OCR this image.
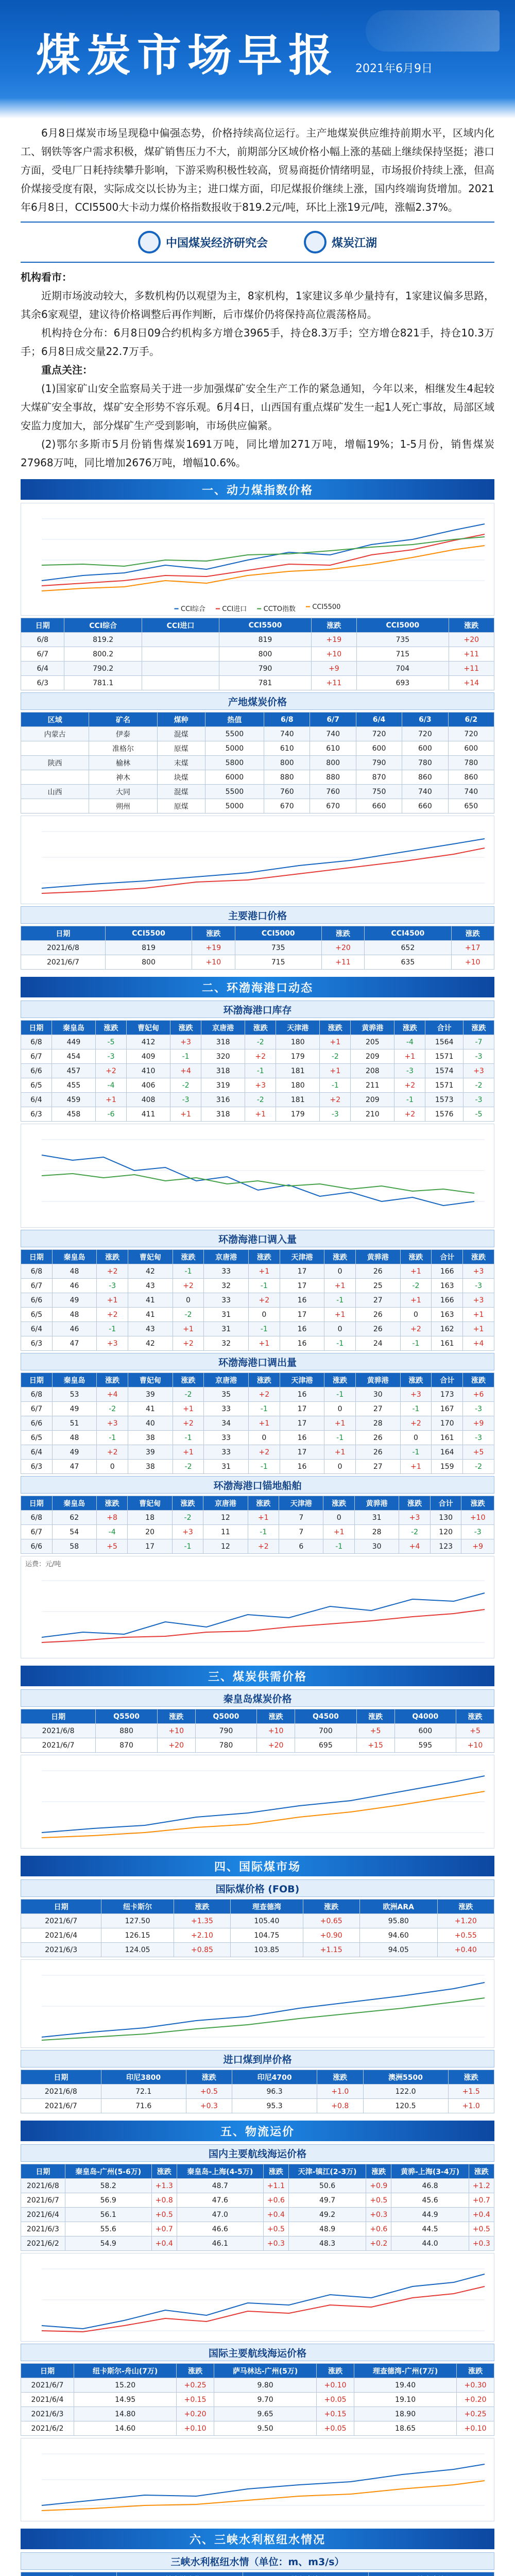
煤炭市场早报 2021年6月9日

6月8日煤炭市场呈现稳中偏强态势，价格持续高位运行。主产地煤炭供应维持前期水平，区域内化工、钢铁等客户需求积极，煤矿销售压力不大，前期部分区域价格小幅上涨的基础上继续保持坚挺；港口方面，受电厂日耗持续攀升影响，下游采购积极性较高，贸易商挺价情绪明显，市场报价持续上涨，但高价煤接受度有限，实际成交以长协为主；进口煤方面，印尼煤报价继续上涨，国内终端询货增加。2021年6月8日，CCI5500大卡动力煤价格指数报收于819.2元/吨，环比上涨19元/吨，涨幅2.37%。

中国煤炭经济研究会	煤炭江湖

机构看市：

近期市场波动较大，多数机构仍以观望为主，8家机构，1家建议多单少量持有，1家建议偏多思路，其余6家观望，建议待价格调整后再作判断，后市煤价仍将保持高位震荡格局。

机构持仓分布：6月8日09合约机构多方增仓3965手，持仓8.3万手；空方增仓821手，持仓10.3万手；6月8日成交量22.7万手。

重点关注：

(1)国家矿山安全监察局关于进一步加强煤矿安全生产工作的紧急通知，今年以来，相继发生4起较大煤矿安全事故，煤矿安全形势不容乐观。6月4日，山西国有重点煤矿发生一起1人死亡事故，局部区域安监力度加大，部分煤矿生产受到影响，市场供应偏紧。

(2)鄂尔多斯市5月份销售煤炭1691万吨，同比增加271万吨，增幅19%；1-5月份，销售煤炭27968万吨，同比增加2676万吨，增幅10.6%。

一、动力煤指数价格
━ CCI综合 ━ CCI进口 ━ CCTO指数 ━ CCI5500
日期	CCI综合	CCI进口	CCI5500	涨跌	CCI5000	涨跌
6/8	819.2		819	+19	735	+20
6/7	800.2		800	+10	715	+11
6/4	790.2		790	+9	704	+11
6/3	781.1		781	+11	693	+14
产地煤炭价格
区域	矿名	煤种	热值	6/8	6/7	6/4	6/3	6/2
内蒙古	伊泰	混煤	5500	740	740	720	720	720
	准格尔	原煤	5000	610	610	600	600	600
陕西	榆林	末煤	5800	800	800	790	780	780
	神木	块煤	6000	880	880	870	860	860
山西	大同	混煤	5500	760	760	750	740	740
	朔州	原煤	5000	670	670	660	660	650
主要港口价格
日期	CCI5500	涨跌	CCI5000	涨跌	CCI4500	涨跌
2021/6/8	819	+19	735	+20	652	+17
2021/6/7	800	+10	715	+11	635	+10
二、环渤海港口动态
环渤海港口库存
日期	秦皇岛	涨跌	曹妃甸	涨跌	京唐港	涨跌	天津港	涨跌	黄骅港	涨跌	合计	涨跌
6/8	449	-5	412	+3	318	-2	180	+1	205	-4	1564	-7
6/7	454	-3	409	-1	320	+2	179	-2	209	+1	1571	-3
6/6	457	+2	410	+4	318	-1	181	+1	208	-3	1574	+3
6/5	455	-4	406	-2	319	+3	180	-1	211	+2	1571	-2
6/4	459	+1	408	-3	316	-2	181	+2	209	-1	1573	-3
6/3	458	-6	411	+1	318	+1	179	-3	210	+2	1576	-5
环渤海港口调入量
日期	秦皇岛	涨跌	曹妃甸	涨跌	京唐港	涨跌	天津港	涨跌	黄骅港	涨跌	合计	涨跌
6/8	48	+2	42	-1	33	+1	17	0	26	+1	166	+3
6/7	46	-3	43	+2	32	-1	17	+1	25	-2	163	-3
6/6	49	+1	41	0	33	+2	16	-1	27	+1	166	+3
6/5	48	+2	41	-2	31	0	17	+1	26	0	163	+1
6/4	46	-1	43	+1	31	-1	16	0	26	+2	162	+1
6/3	47	+3	42	+2	32	+1	16	-1	24	-1	161	+4
环渤海港口调出量
日期	秦皇岛	涨跌	曹妃甸	涨跌	京唐港	涨跌	天津港	涨跌	黄骅港	涨跌	合计	涨跌
6/8	53	+4	39	-2	35	+2	16	-1	30	+3	173	+6
6/7	49	-2	41	+1	33	-1	17	0	27	-1	167	-3
6/6	51	+3	40	+2	34	+1	17	+1	28	+2	170	+9
6/5	48	-1	38	-1	33	0	16	-1	26	0	161	-3
6/4	49	+2	39	+1	33	+2	17	+1	26	-1	164	+5
6/3	47	0	38	-2	31	-1	16	0	27	+1	159	-2
环渤海港口锚地船舶
日期	秦皇岛	涨跌	曹妃甸	涨跌	京唐港	涨跌	天津港	涨跌	黄骅港	涨跌	合计	涨跌
6/8	62	+8	18	-2	12	+1	7	0	31	+3	130	+10
6/7	54	-4	20	+3	11	-1	7	+1	28	-2	120	-3
6/6	58	+5	17	-1	12	+2	6	-1	30	+4	123	+9
运费：元/吨
三、煤炭供需价格
秦皇岛煤炭价格
日期	Q5500	涨跌	Q5000	涨跌	Q4500	涨跌	Q4000	涨跌
2021/6/8	880	+10	790	+10	700	+5	600	+5
2021/6/7	870	+20	780	+20	695	+15	595	+10
四、国际煤市场
国际煤价格 (FOB)
日期	纽卡斯尔	涨跌	理查德湾	涨跌	欧洲ARA	涨跌
2021/6/7	127.50	+1.35	105.40	+0.65	95.80	+1.20
2021/6/4	126.15	+2.10	104.75	+0.90	94.60	+0.55
2021/6/3	124.05	+0.85	103.85	+1.15	94.05	+0.40
进口煤到岸价格
日期	印尼3800	涨跌	印尼4700	涨跌	澳洲5500	涨跌
2021/6/8	72.1	+0.5	96.3	+1.0	122.0	+1.5
2021/6/7	71.6	+0.3	95.3	+0.8	120.5	+1.0
五、物流运价
国内主要航线海运价格
日期	秦皇岛-广州(5-6万)	涨跌	秦皇岛-上海(4-5万)	涨跌	天津-镇江(2-3万)	涨跌	黄骅-上海(3-4万)	涨跌
2021/6/8	58.2	+1.3	48.7	+1.1	50.6	+0.9	46.8	+1.2
2021/6/7	56.9	+0.8	47.6	+0.6	49.7	+0.5	45.6	+0.7
2021/6/4	56.1	+0.5	47.0	+0.4	49.2	+0.3	44.9	+0.4
2021/6/3	55.6	+0.7	46.6	+0.5	48.9	+0.6	44.5	+0.5
2021/6/2	54.9	+0.4	46.1	+0.3	48.3	+0.2	44.0	+0.3
国际主要航线海运价格
日期	纽卡斯尔-舟山(7万)	涨跌	萨马林达-广州(5万)	涨跌	理查德湾-广州(7万)	涨跌
2021/6/7	15.20	+0.25	9.80	+0.10	19.40	+0.30
2021/6/4	14.95	+0.15	9.70	+0.05	19.10	+0.20
2021/6/3	14.80	+0.20	9.65	+0.15	18.90	+0.25
2021/6/2	14.60	+0.10	9.50	+0.05	18.65	+0.10
六、三峡水利枢纽水情况
三峡水利枢纽水情（单位：m、m3/s）
